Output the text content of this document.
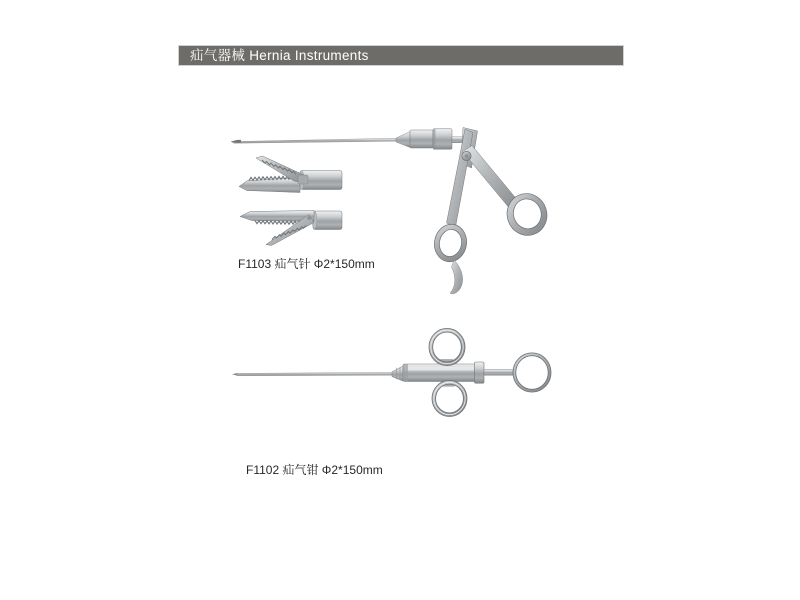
疝气器械 Hernia Instruments
F1103 疝气针 Φ2*150mm
F1102 疝气钳 Φ2*150mm
